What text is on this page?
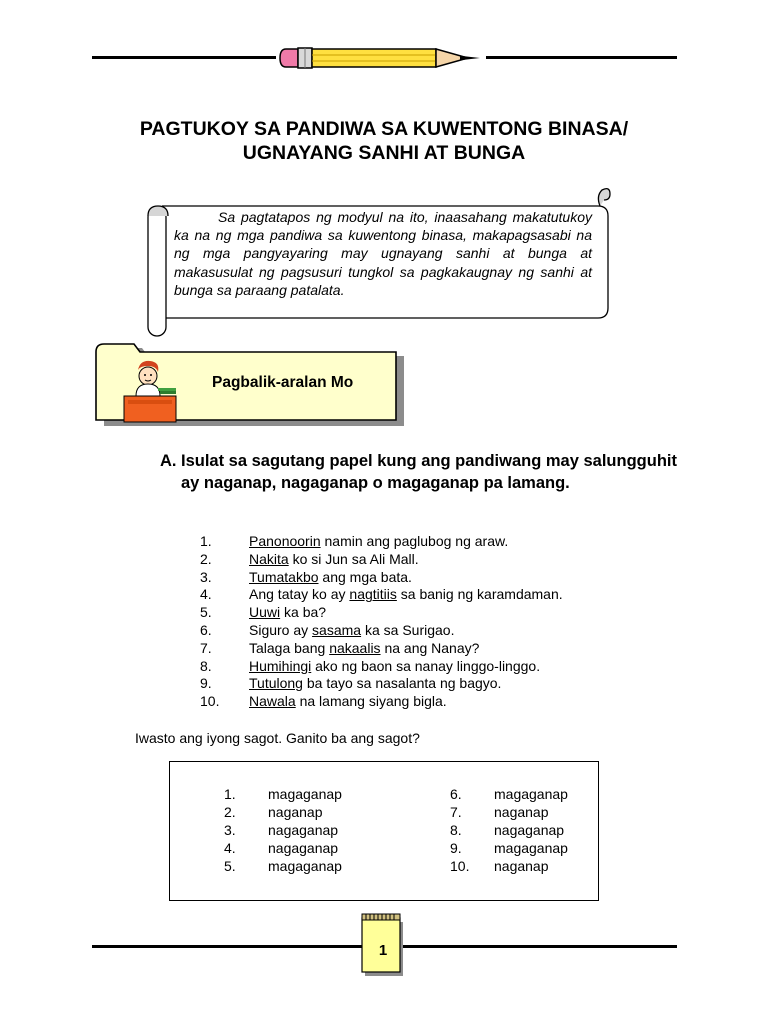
PAGTUKOY SA PANDIWA SA KUWENTONG BINASA/
UGNAYANG SANHI AT BUNGA
Sa pagtatapos ng modyul na ito, inaasahang makatutukoy ka na ng mga pandiwa sa kuwentong binasa, makapagsasabi na ng mga pangyayaring may ugnayang sanhi at bunga at makasusulat ng pagsusuri tungkol sa pagkakaugnay ng sanhi at bunga sa paraang patalata.
Pagbalik-aralan Mo
A. Isulat sa sagutang papel kung ang pandiwang may salungguhit ay naganap, nagaganap o magaganap pa lamang.
1.	Panonoorin namin ang paglubog ng araw.
2.	Nakita ko si Jun sa Ali Mall.
3.	Tumatakbo ang mga bata.
4.	Ang tatay ko ay nagtitiis sa banig ng karamdaman.
5.	Uuwi ka ba?
6.	Siguro ay sasama ka sa Surigao.
7.	Talaga bang nakaalis na ang Nanay?
8.	Humihingi ako ng baon sa nanay linggo-linggo.
9.	Tutulong ba tayo sa nasalanta ng bagyo.
10. Nawala na lamang siyang bigla.
Iwasto ang iyong sagot. Ganito ba ang sagot?
1. magaganap
2. naganap
3. nagaganap
4. nagaganap
5. magaganap
6. magaganap
7. naganap
8. nagaganap
9. magaganap
10. naganap
1
